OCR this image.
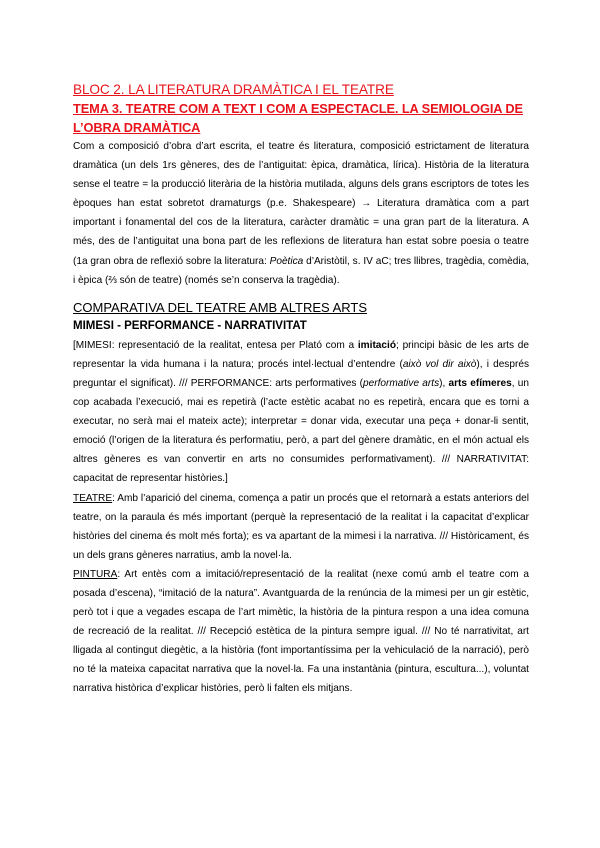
BLOC 2. LA LITERATURA DRAMÀTICA I EL TEATRE
TEMA 3. TEATRE COM A TEXT I COM A ESPECTACLE. LA SEMIOLOGIA DE L’OBRA DRAMÀTICA

Com a composició d’obra d’art escrita, el teatre és literatura, composició estrictament de literatura dramàtica (un dels 1rs gèneres, des de l’antiguitat: èpica, dramàtica, lírica). Història de la literatura sense el teatre = la producció literària de la història mutilada, alguns dels grans escriptors de totes les èpoques han estat sobretot dramaturgs (p.e. Shakespeare) → Literatura dramàtica com a part important i fonamental del cos de la literatura, caràcter dramàtic = una gran part de la literatura. A més, des de l’antiguitat una bona part de les reflexions de literatura han estat sobre poesia o teatre (1a gran obra de reflexió sobre la literatura: Poètica d’Aristòtil, s. IV aC; tres llibres, tragèdia, comèdia, i èpica (⅔ són de teatre) (només se’n conserva la tragèdia).

COMPARATIVA DEL TEATRE AMB ALTRES ARTS
MIMESI - PERFORMANCE - NARRATIVITAT

[MIMESI: representació de la realitat, entesa per Plató com a imitació; principi bàsic de les arts de representar la vida humana i la natura; procés intel·lectual d’entendre (això vol dir això), i després preguntar el significat). /// PERFORMANCE: arts performatives (performative arts), arts efímeres, un cop acabada l’execució, mai es repetirà (l’acte estètic acabat no es repetirà, encara que es torni a executar, no serà mai el mateix acte); interpretar = donar vida, executar una peça + donar-li sentit, emoció (l’origen de la literatura és performatiu, però, a part del gènere dramàtic, en el món actual els altres gèneres es van convertir en arts no consumides performativament). /// NARRATIVITAT: capacitat de representar històries.]

TEATRE: Amb l’aparició del cinema, comença a patir un procés que el retornarà a estats anteriors del teatre, on la paraula és més important (perquè la representació de la realitat i la capacitat d’explicar històries del cinema és molt més forta); es va apartant de la mimesi i la narrativa. /// Històricament, és un dels grans gèneres narratius, amb la novel·la.

PINTURA: Art entès com a imitació/representació de la realitat (nexe comú amb el teatre com a posada d’escena), “imitació de la natura”. Avantguarda de la renúncia de la mimesi per un gir estètic, però tot i que a vegades escapa de l’art mimètic, la història de la pintura respon a una idea comuna de recreació de la realitat. /// Recepció estètica de la pintura sempre igual. /// No té narrativitat, art lligada al contingut diegètic, a la història (font importantíssima per la vehiculació de la narració), però no té la mateixa capacitat narrativa que la novel·la. Fa una instantània (pintura, escultura...), voluntat narrativa històrica d’explicar històries, però li falten els mitjans.
